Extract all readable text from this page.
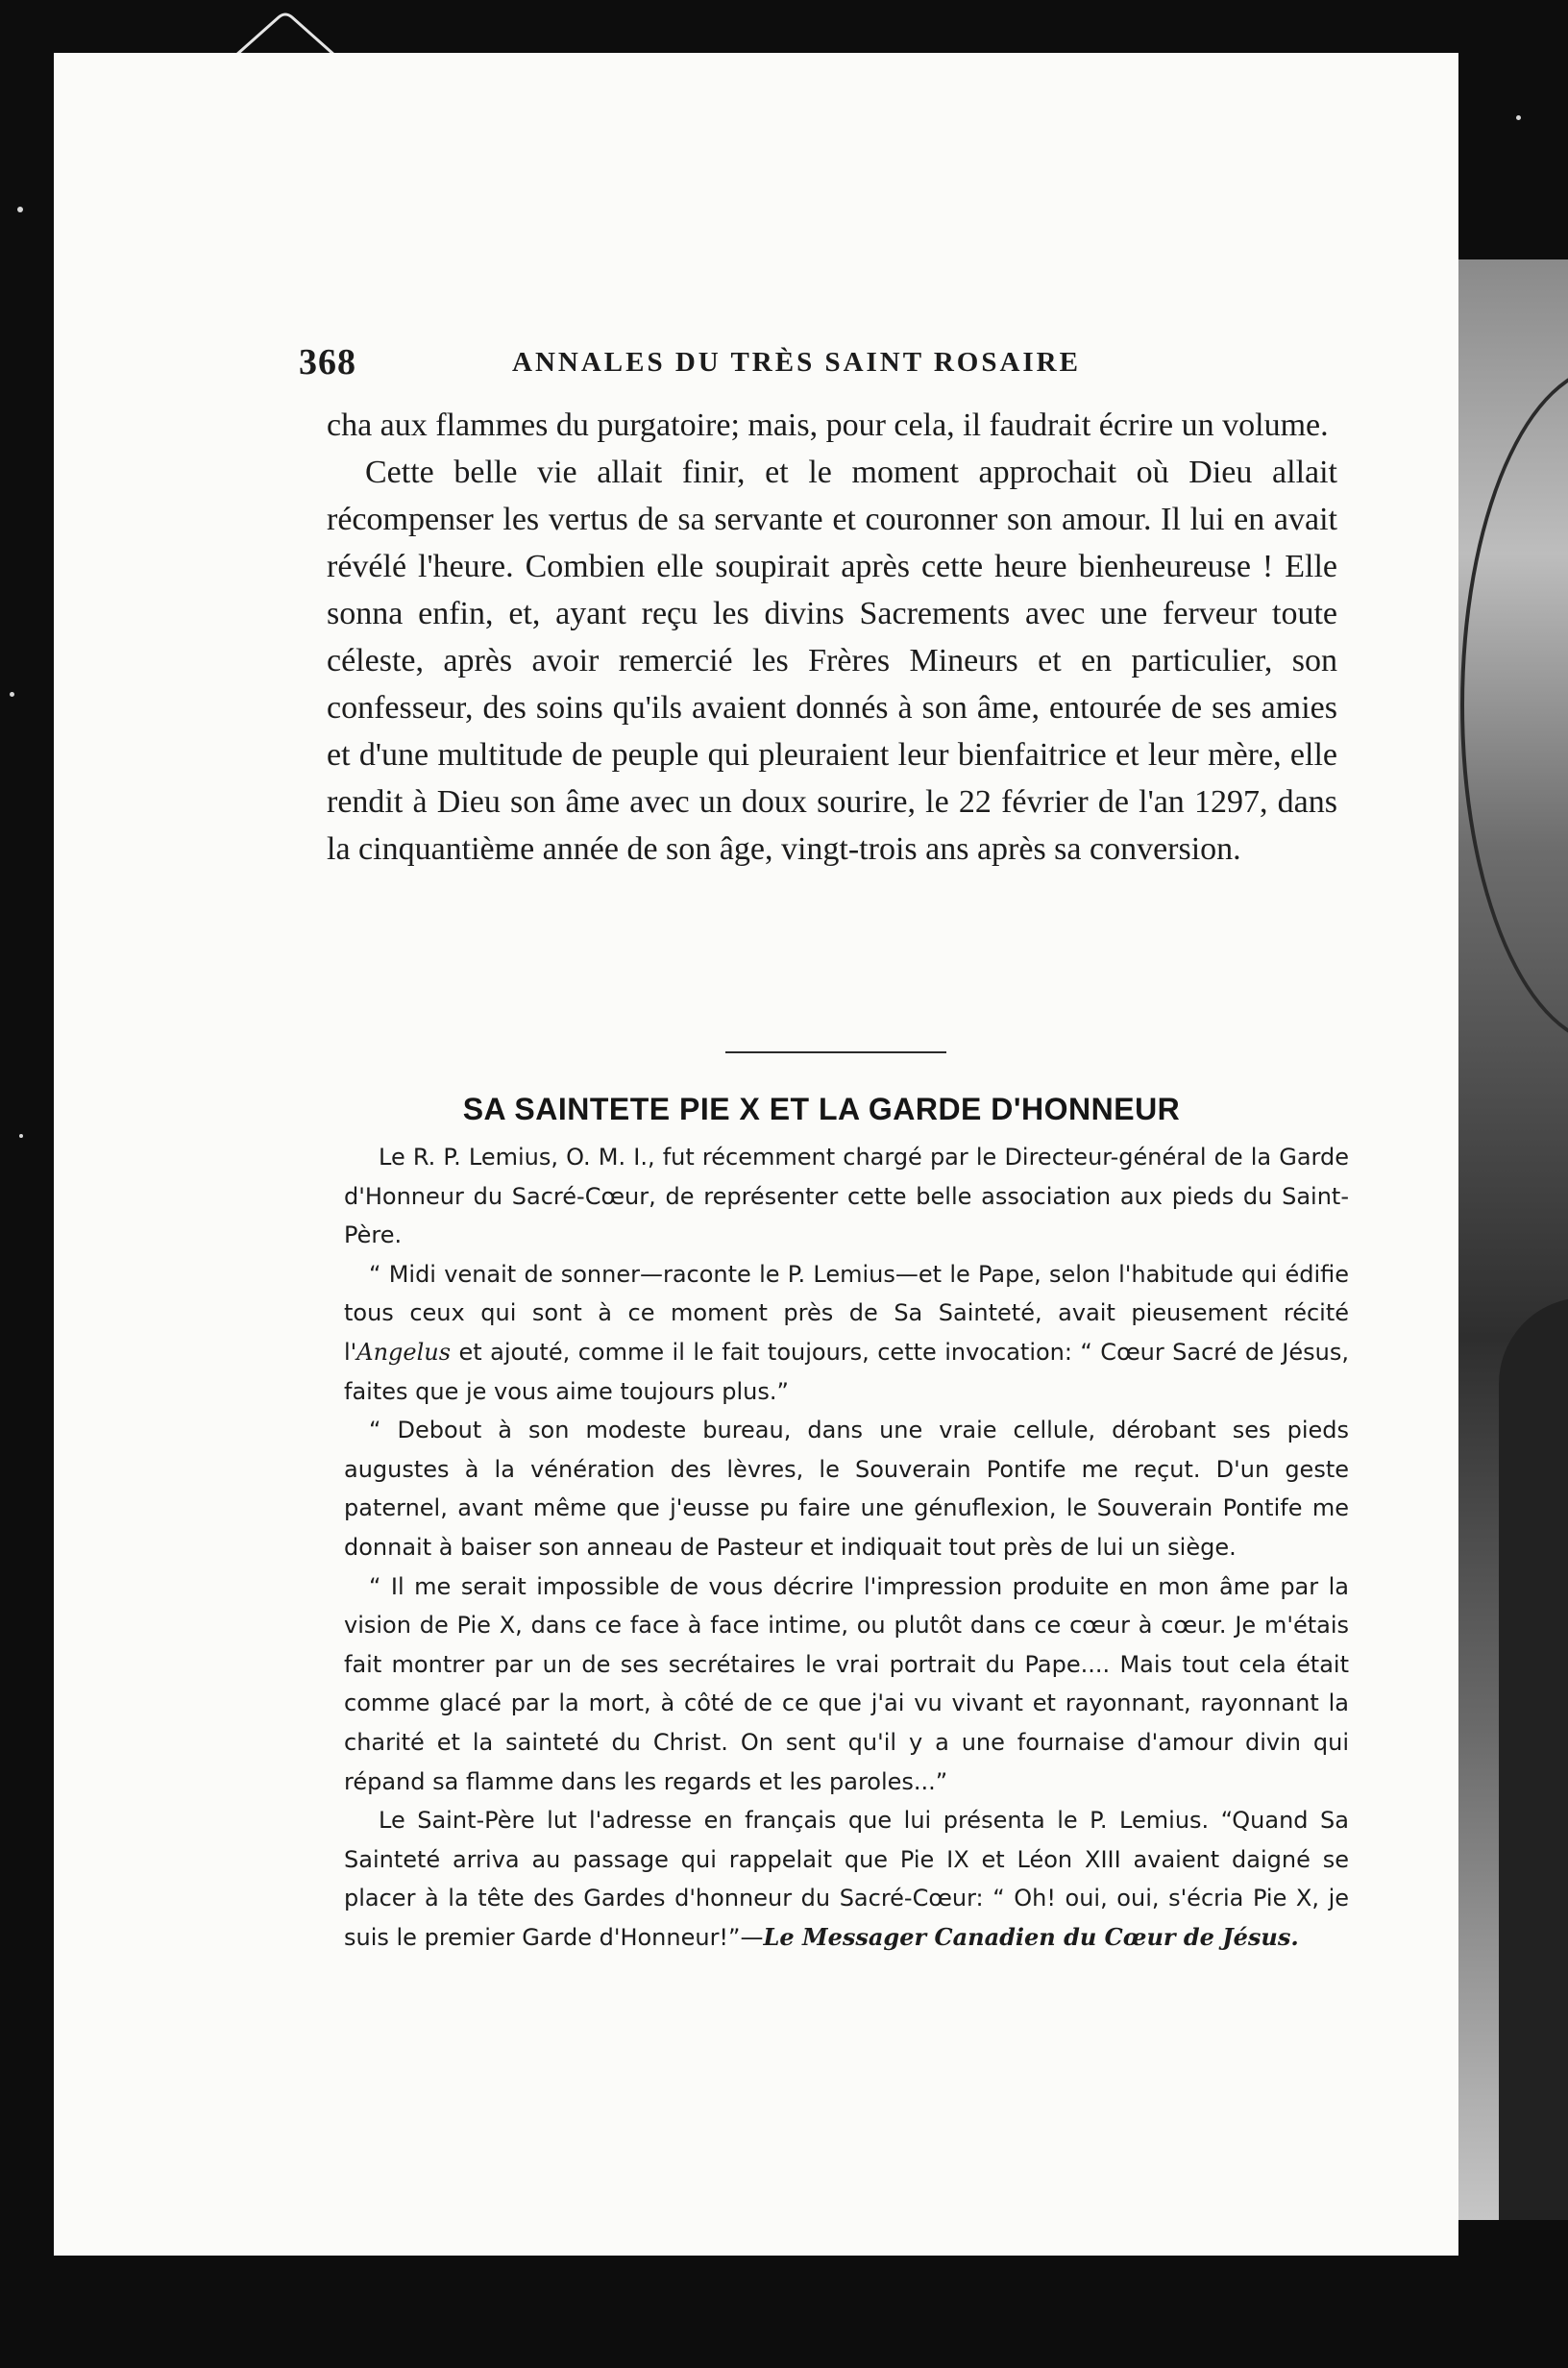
368	ANNALES DU TRÈS SAINT ROSAIRE

cha aux flammes du purgatoire; mais, pour cela, il faudrait écrire un volume.

Cette belle vie allait finir, et le moment approchait où Dieu allait récompenser les vertus de sa servante et couronner son amour. Il lui en avait révélé l'heure. Combien elle soupirait après cette heure bienheureuse ! Elle sonna enfin, et, ayant reçu les divins Sacrements avec une ferveur toute céleste, après avoir remercié les Frères Mineurs et en particulier, son confesseur, des soins qu'ils avaient donnés à son âme, entourée de ses amies et d'une multitude de peuple qui pleuraient leur bienfaitrice et leur mère, elle rendit à Dieu son âme avec un doux sourire, le 22 février de l'an 1297, dans la cinquantième année de son âge, vingt-trois ans après sa conversion.

SA SAINTETE PIE X ET LA GARDE D'HONNEUR

Le R. P. Lemius, O. M. I., fut récemment chargé par le Directeur-général de la Garde d'Honneur du Sacré-Cœur, de représenter cette belle association aux pieds du Saint-Père.

“ Midi venait de sonner—raconte le P. Lemius—et le Pape, selon l'habitude qui édifie tous ceux qui sont à ce moment près de Sa Sainteté, avait pieusement récité l'Angelus et ajouté, comme il le fait toujours, cette invocation: “ Cœur Sacré de Jésus, faites que je vous aime toujours plus.”

“ Debout à son modeste bureau, dans une vraie cellule, dérobant ses pieds augustes à la vénération des lèvres, le Souverain Pontife me reçut. D'un geste paternel, avant même que j'eusse pu faire une génuflexion, le Souverain Pontife me donnait à baiser son anneau de Pasteur et indiquait tout près de lui un siège.

“ Il me serait impossible de vous décrire l'impression produite en mon âme par la vision de Pie X, dans ce face à face intime, ou plutôt dans ce cœur à cœur. Je m'étais fait montrer par un de ses secrétaires le vrai portrait du Pape.... Mais tout cela était comme glacé par la mort, à côté de ce que j'ai vu vivant et rayonnant, rayonnant la charité et la sainteté du Christ. On sent qu'il y a une fournaise d'amour divin qui répand sa flamme dans les regards et les paroles...”

Le Saint-Père lut l'adresse en français que lui présenta le P. Lemius. “Quand Sa Sainteté arriva au passage qui rappelait que Pie IX et Léon XIII avaient daigné se placer à la tête des Gardes d'honneur du Sacré-Cœur: “ Oh! oui, oui, s'écria Pie X, je suis le premier Garde d'Honneur!”—Le Messager Canadien du Cœur de Jésus.
